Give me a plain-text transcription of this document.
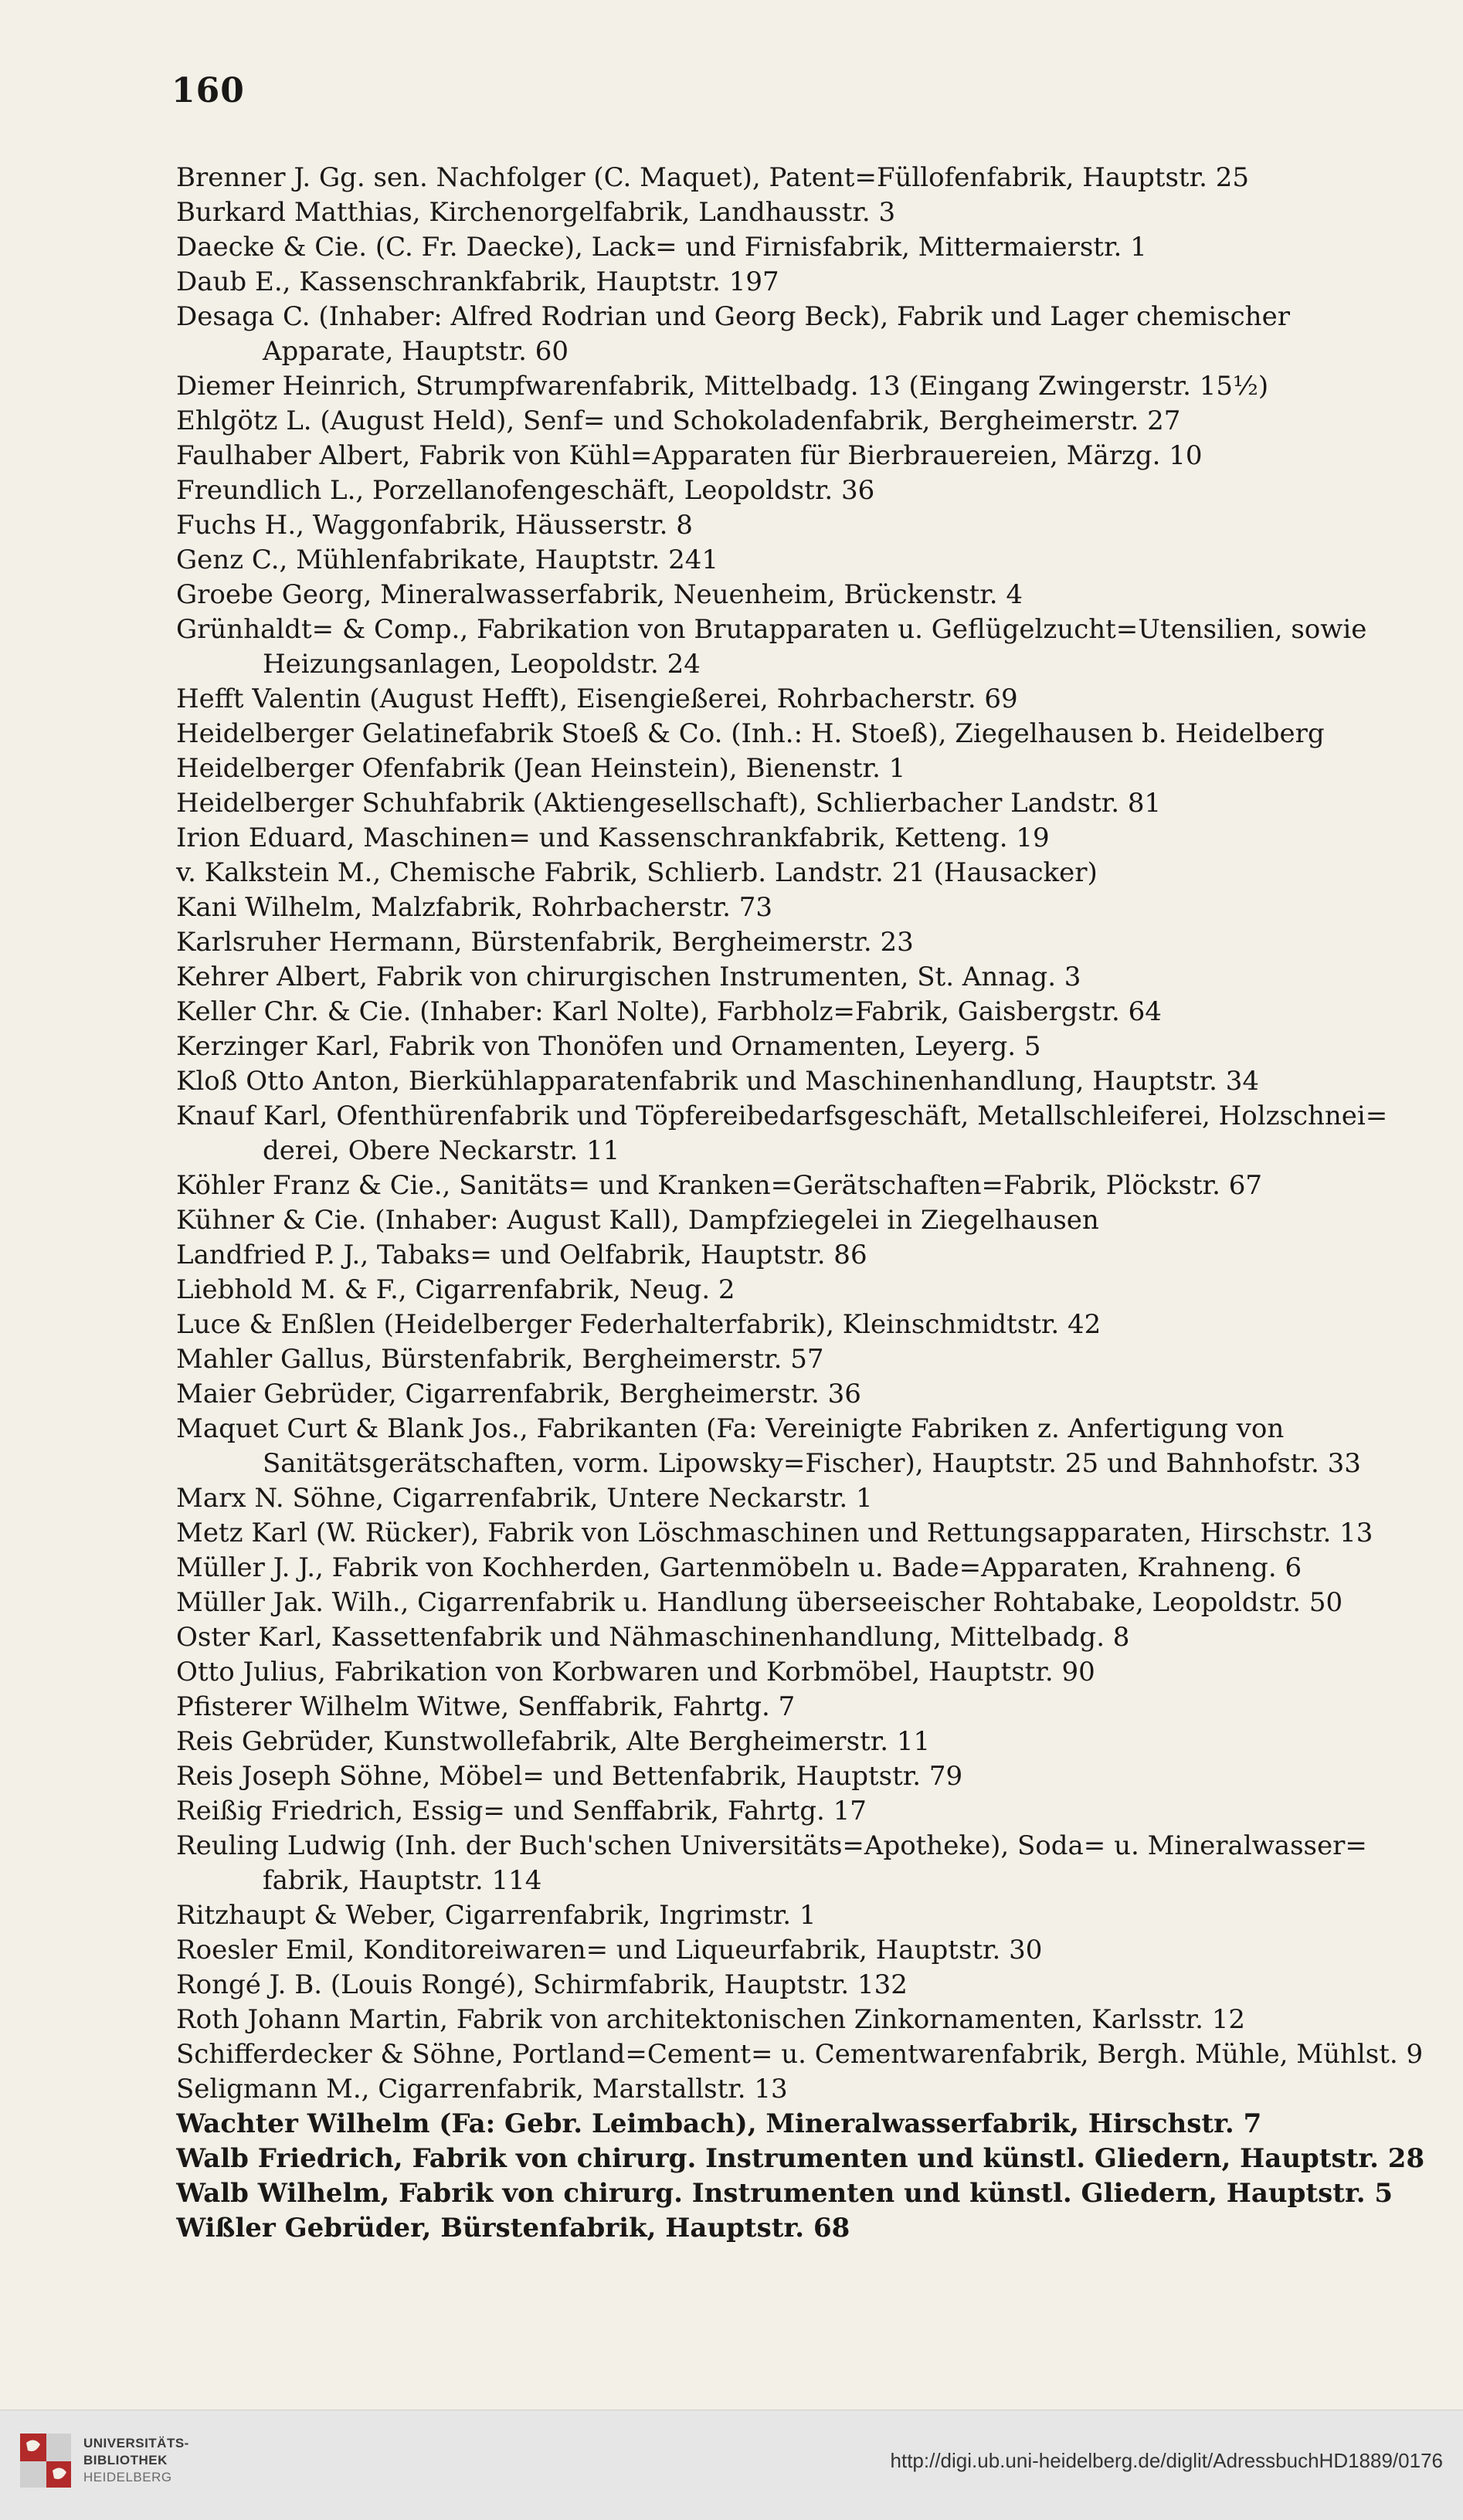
160
Brenner J. Gg. sen. Nachfolger (C. Maquet), Patent=Füllofenfabrik, Hauptstr. 25
Burkard Matthias, Kirchenorgelfabrik, Landhausstr. 3
Daecke & Cie. (C. Fr. Daecke), Lack= und Firnisfabrik, Mittermaierstr. 1
Daub E., Kassenschrankfabrik, Hauptstr. 197
Desaga C. (Inhaber: Alfred Rodrian und Georg Beck), Fabrik und Lager chemischer
Apparate, Hauptstr. 60
Diemer Heinrich, Strumpfwarenfabrik, Mittelbadg. 13 (Eingang Zwingerstr. 15½)
Ehlgötz L. (August Held), Senf= und Schokoladenfabrik, Bergheimerstr. 27
Faulhaber Albert, Fabrik von Kühl=Apparaten für Bierbrauereien, Märzg. 10
Freundlich L., Porzellanofengeschäft, Leopoldstr. 36
Fuchs H., Waggonfabrik, Häusserstr. 8
Genz C., Mühlenfabrikate, Hauptstr. 241
Groebe Georg, Mineralwasserfabrik, Neuenheim, Brückenstr. 4
Grünhaldt= & Comp., Fabrikation von Brutapparaten u. Geflügelzucht=Utensilien, sowie
Heizungsanlagen, Leopoldstr. 24
Hefft Valentin (August Hefft), Eisengießerei, Rohrbacherstr. 69
Heidelberger Gelatinefabrik Stoeß & Co. (Inh.: H. Stoeß), Ziegelhausen b. Heidelberg
Heidelberger Ofenfabrik (Jean Heinstein), Bienenstr. 1
Heidelberger Schuhfabrik (Aktiengesellschaft), Schlierbacher Landstr. 81
Irion Eduard, Maschinen= und Kassenschrankfabrik, Ketteng. 19
v. Kalkstein M., Chemische Fabrik, Schlierb. Landstr. 21 (Hausacker)
Kani Wilhelm, Malzfabrik, Rohrbacherstr. 73
Karlsruher Hermann, Bürstenfabrik, Bergheimerstr. 23
Kehrer Albert, Fabrik von chirurgischen Instrumenten, St. Annag. 3
Keller Chr. & Cie. (Inhaber: Karl Nolte), Farbholz=Fabrik, Gaisbergstr. 64
Kerzinger Karl, Fabrik von Thonöfen und Ornamenten, Leyerg. 5
Kloß Otto Anton, Bierkühlapparatenfabrik und Maschinenhandlung, Hauptstr. 34
Knauf Karl, Ofenthürenfabrik und Töpfereibedarfsgeschäft, Metallschleiferei, Holzschnei=
derei, Obere Neckarstr. 11
Köhler Franz & Cie., Sanitäts= und Kranken=Gerätschaften=Fabrik, Plöckstr. 67
Kühner & Cie. (Inhaber: August Kall), Dampfziegelei in Ziegelhausen
Landfried P. J., Tabaks= und Oelfabrik, Hauptstr. 86
Liebhold M. & F., Cigarrenfabrik, Neug. 2
Luce & Enßlen (Heidelberger Federhalterfabrik), Kleinschmidtstr. 42
Mahler Gallus, Bürstenfabrik, Bergheimerstr. 57
Maier Gebrüder, Cigarrenfabrik, Bergheimerstr. 36
Maquet Curt & Blank Jos., Fabrikanten (Fa: Vereinigte Fabriken z. Anfertigung von
Sanitätsgerätschaften, vorm. Lipowsky=Fischer), Hauptstr. 25 und Bahnhofstr. 33
Marx N. Söhne, Cigarrenfabrik, Untere Neckarstr. 1
Metz Karl (W. Rücker), Fabrik von Löschmaschinen und Rettungsapparaten, Hirschstr. 13
Müller J. J., Fabrik von Kochherden, Gartenmöbeln u. Bade=Apparaten, Krahneng. 6
Müller Jak. Wilh., Cigarrenfabrik u. Handlung überseeischer Rohtabake, Leopoldstr. 50
Oster Karl, Kassettenfabrik und Nähmaschinenhandlung, Mittelbadg. 8
Otto Julius, Fabrikation von Korbwaren und Korbmöbel, Hauptstr. 90
Pfisterer Wilhelm Witwe, Senffabrik, Fahrtg. 7
Reis Gebrüder, Kunstwollefabrik, Alte Bergheimerstr. 11
Reis Joseph Söhne, Möbel= und Bettenfabrik, Hauptstr. 79
Reißig Friedrich, Essig= und Senffabrik, Fahrtg. 17
Reuling Ludwig (Inh. der Buch'schen Universitäts=Apotheke), Soda= u. Mineralwasser=
fabrik, Hauptstr. 114
Ritzhaupt & Weber, Cigarrenfabrik, Ingrimstr. 1
Roesler Emil, Konditoreiwaren= und Liqueurfabrik, Hauptstr. 30
Rongé J. B. (Louis Rongé), Schirmfabrik, Hauptstr. 132
Roth Johann Martin, Fabrik von architektonischen Zinkornamenten, Karlsstr. 12
Schifferdecker & Söhne, Portland=Cement= u. Cementwarenfabrik, Bergh. Mühle, Mühlst. 9
Seligmann M., Cigarrenfabrik, Marstallstr. 13
Wachter Wilhelm (Fa: Gebr. Leimbach), Mineralwasserfabrik, Hirschstr. 7
Walb Friedrich, Fabrik von chirurg. Instrumenten und künstl. Gliedern, Hauptstr. 28
Walb Wilhelm, Fabrik von chirurg. Instrumenten und künstl. Gliedern, Hauptstr. 5
Wißler Gebrüder, Bürstenfabrik, Hauptstr. 68
UNIVERSITÄTS-
BIBLIOTHEK
HEIDELBERG
http://digi.ub.uni-heidelberg.de/diglit/AdressbuchHD1889/0176
